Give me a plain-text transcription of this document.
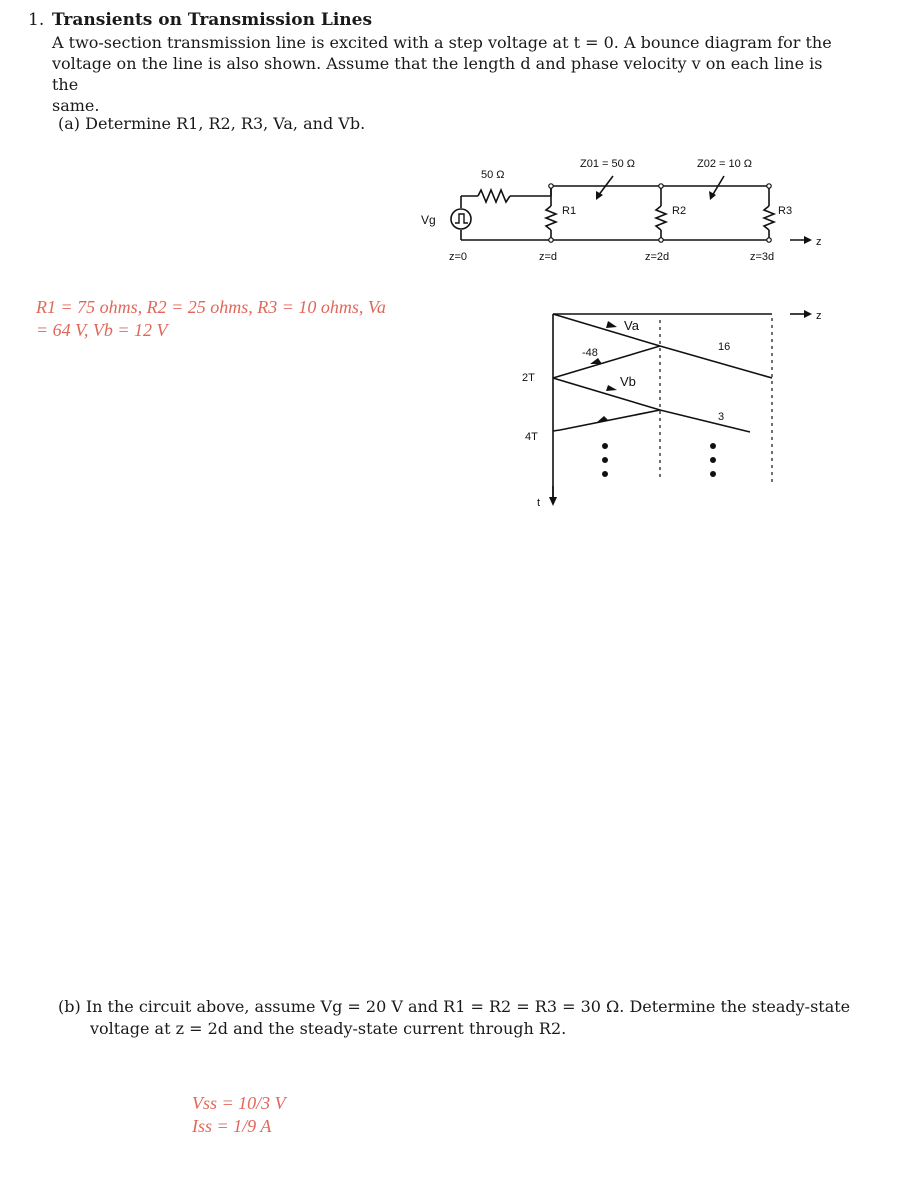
1. Transients on Transmission Lines
A two-section transmission line is excited with a step voltage at t = 0. A bounce diagram for the
voltage on the line is also shown. Assume that the length d and phase velocity v on each line is the
same.
(a) Determine R1, R2, R3, Va, and Vb.
50 Ω
Z01 = 50 Ω	Z02 = 10 Ω
Vg
R1	R2	R3
z=0	z=d	z=2d	z=3d
z
R1 = 75 ohms, R2 = 25 ohms, R3 = 10 ohms, Va
= 64 V, Vb = 12 V	Va
-48	16
2T	Vb
3
4T
t
z
(b) In the circuit above, assume Vg = 20 V and R1 = R2 = R3 = 30 Ω. Determine the steady-state
voltage at z = 2d and the steady-state current through R2.
Vss = 10/3 V
Iss = 1/9 A
